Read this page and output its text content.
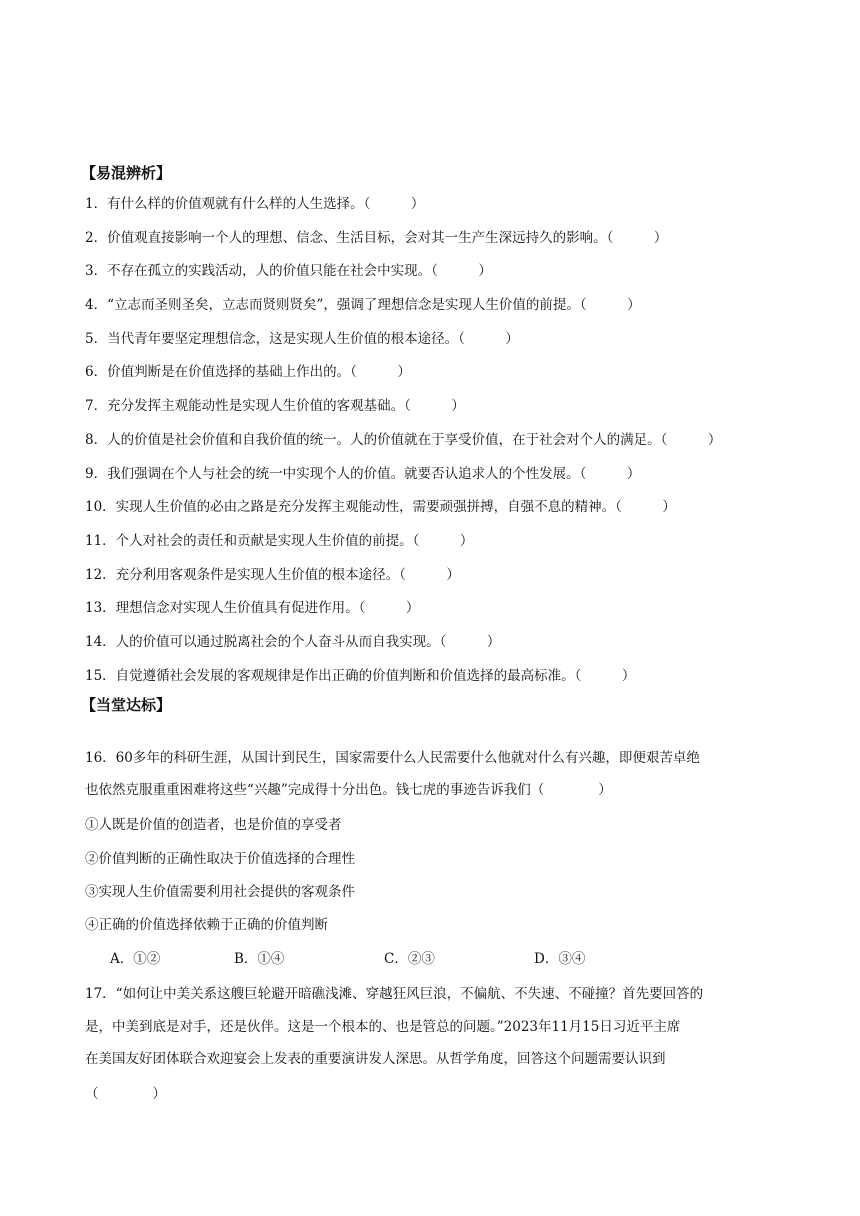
【易混辨析】
1．有什么样的价值观就有什么样的人生选择。（　　　）
2．价值观直接影响一个人的理想、信念、生活目标，会对其一生产生深远持久的影响。（　　　）
3．不存在孤立的实践活动，人的价值只能在社会中实现。（　　　）
4．“立志而圣则圣矣，立志而贤则贤矣”，强调了理想信念是实现人生价值的前提。（　　　）
5．当代青年要坚定理想信念，这是实现人生价值的根本途径。（　　　）
6．价值判断是在价值选择的基础上作出的。（　　　）
7．充分发挥主观能动性是实现人生价值的客观基础。（　　　）
8．人的价值是社会价值和自我价值的统一。人的价值就在于享受价值，在于社会对个人的满足。（　　　）
9．我们强调在个人与社会的统一中实现个人的价值。就要否认追求人的个性发展。（　　　）
10．实现人生价值的必由之路是充分发挥主观能动性，需要顽强拼搏，自强不息的精神。（　　　）
11．个人对社会的责任和贡献是实现人生价值的前提。（　　　）
12．充分利用客观条件是实现人生价值的根本途径。（　　　）
13．理想信念对实现人生价值具有促进作用。（　　　）
14．人的价值可以通过脱离社会的个人奋斗从而自我实现。（　　　）
15．自觉遵循社会发展的客观规律是作出正确的价值判断和价值选择的最高标准。（　　　）
【当堂达标】
16．60多年的科研生涯，从国计到民生，国家需要什么人民需要什么他就对什么有兴趣，即便艰苦卓绝
也依然克服重重困难将这些“兴趣”完成得十分出色。钱七虎的事迹告诉我们（　　　　）
①人既是价值的创造者，也是价值的享受者
②价值判断的正确性取决于价值选择的合理性
③实现人生价值需要利用社会提供的客观条件
④正确的价值选择依赖于正确的价值判断
A．①②	B．①④	C．②③	D．③④
17．“如何让中美关系这艘巨轮避开暗礁浅滩、穿越狂风巨浪，不偏航、不失速、不碰撞？首先要回答的
是，中美到底是对手，还是伙伴。这是一个根本的、也是管总的问题。”2023年11月15日习近平主席
在美国友好团体联合欢迎宴会上发表的重要演讲发人深思。从哲学角度，回答这个问题需要认识到
（　　　　）
